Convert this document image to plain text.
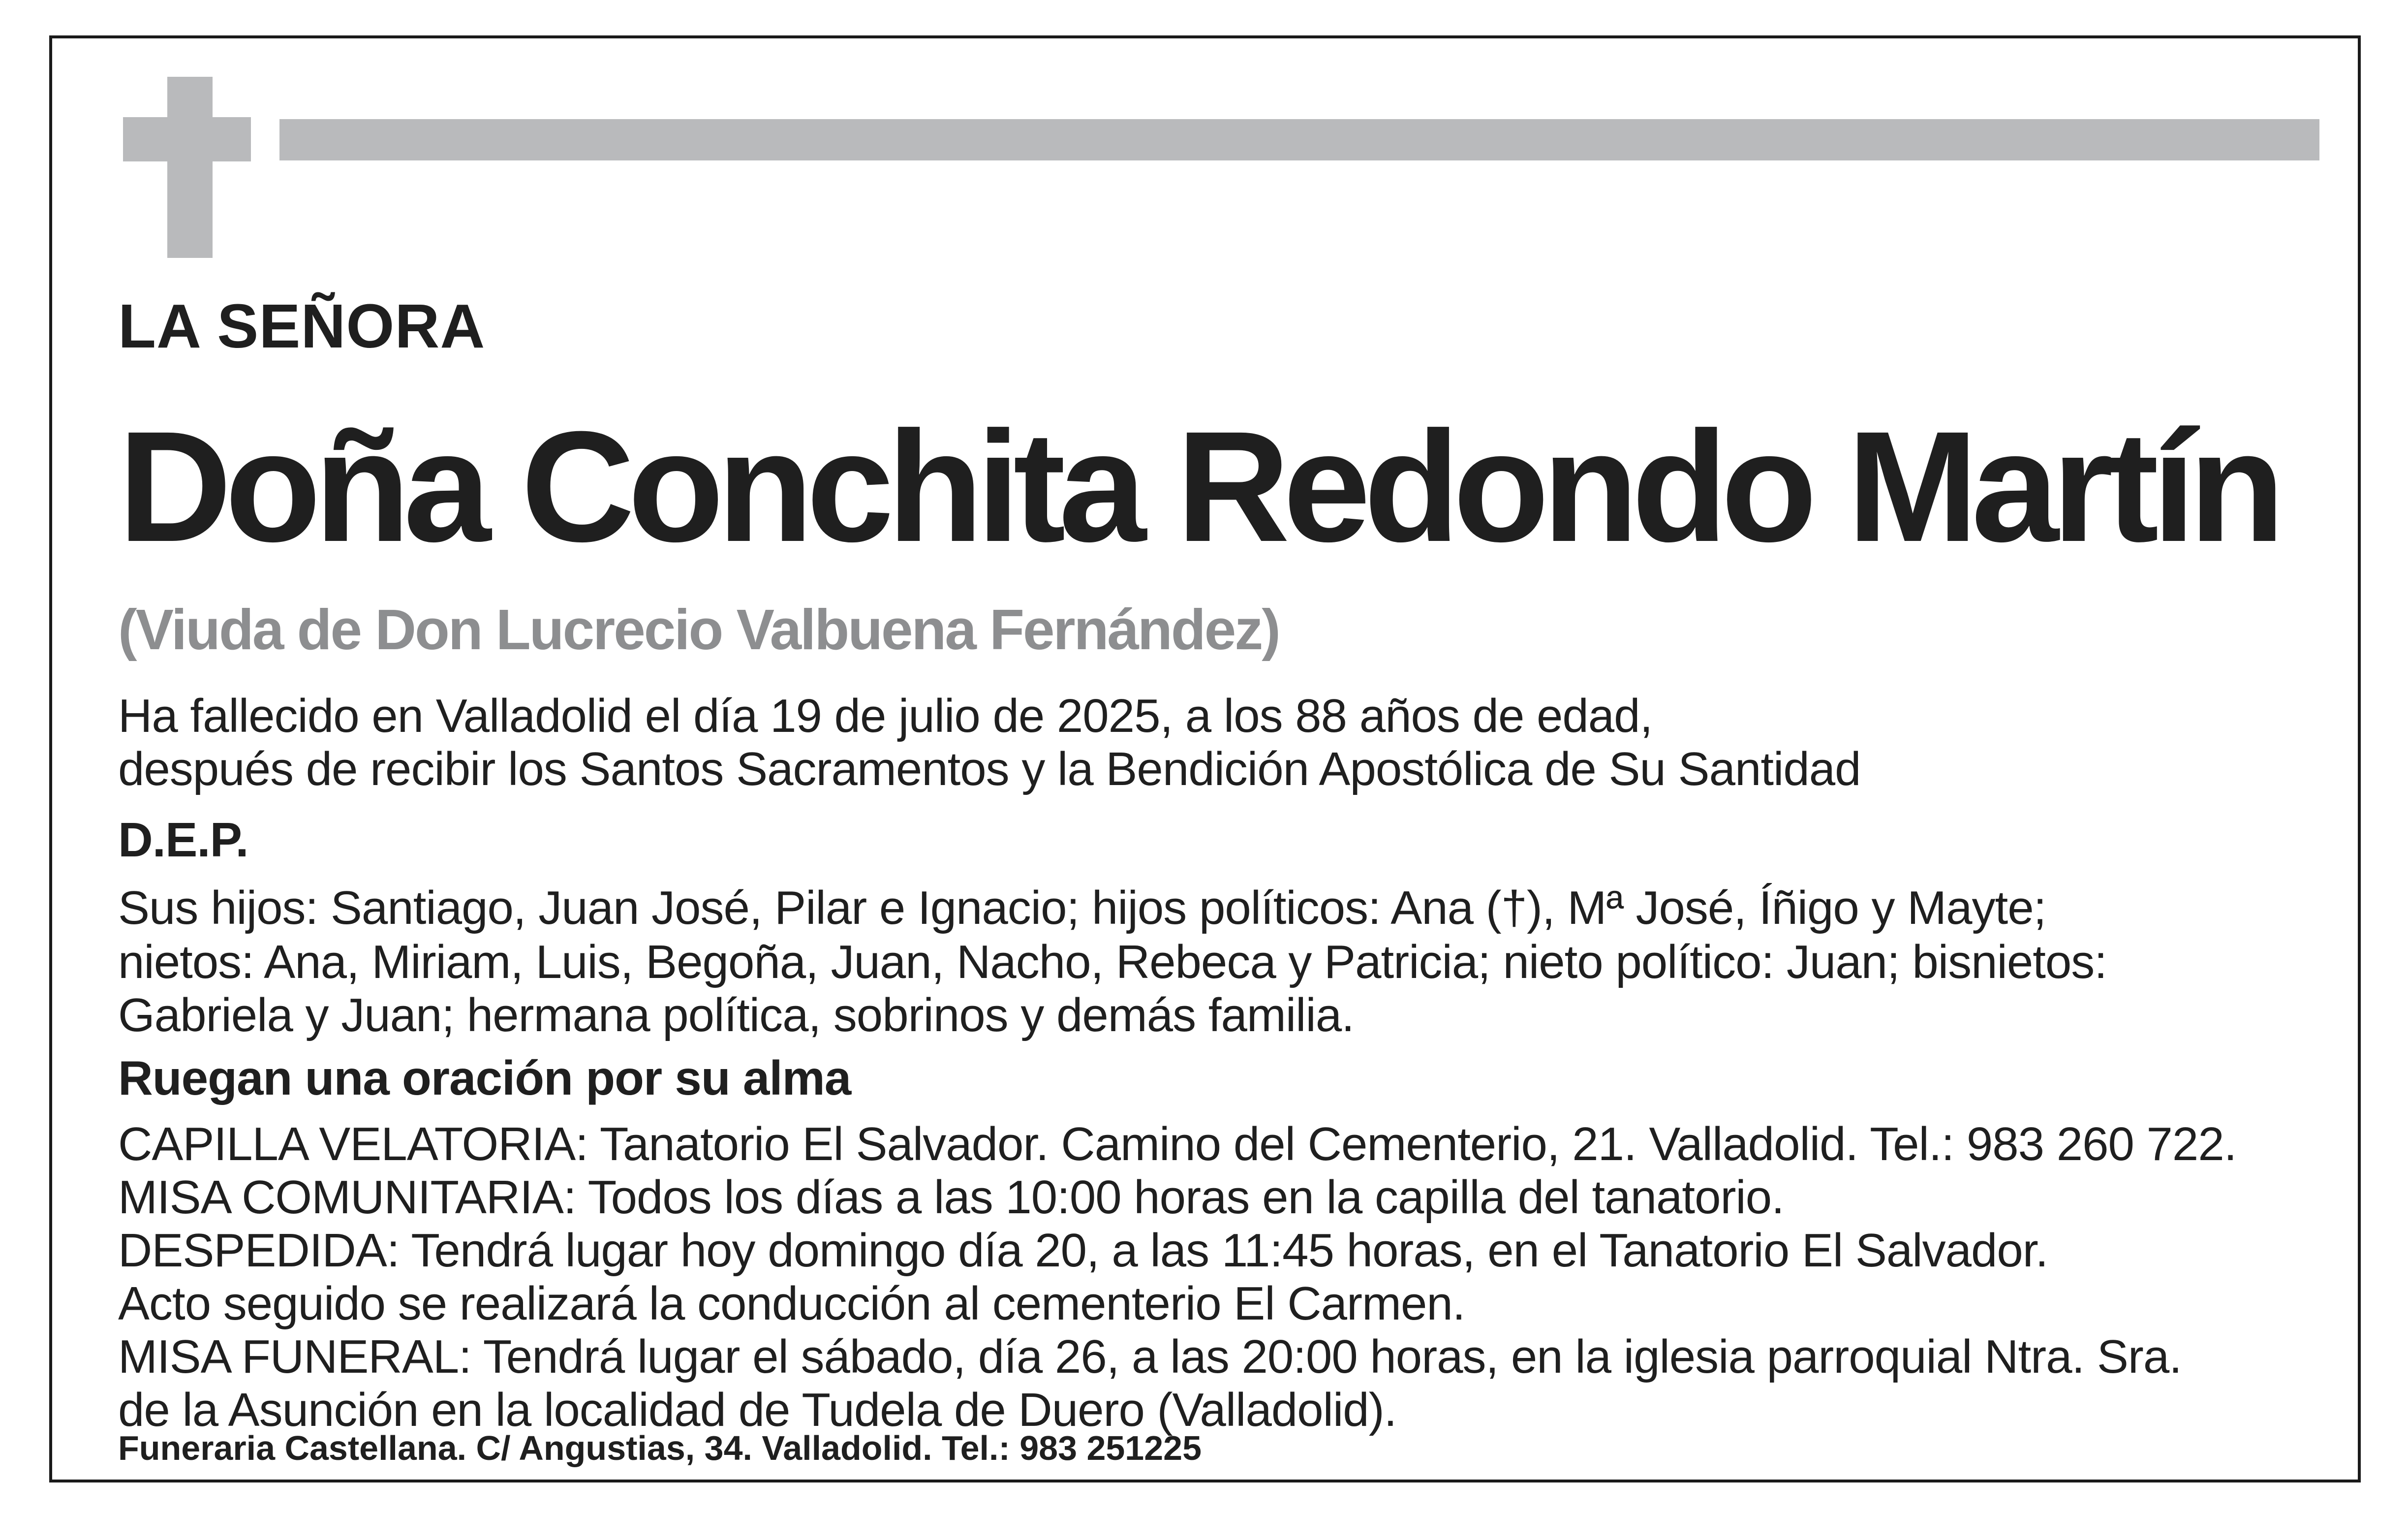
LA SEÑORA

Doña Conchita Redondo Martín

(Viuda de Don Lucrecio Valbuena Fernández)

Ha fallecido en Valladolid el día 19 de julio de 2025, a los 88 años de edad,

después de recibir los Santos Sacramentos y la Bendición Apostólica de Su Santidad

D.E.P.

Sus hijos: Santiago, Juan José, Pilar e Ignacio; hijos políticos: Ana (†), Mª José, Íñigo y Mayte;

nietos: Ana, Miriam, Luis, Begoña, Juan, Nacho, Rebeca y Patricia; nieto político: Juan; bisnietos:

Gabriela y Juan; hermana política, sobrinos y demás familia.

Ruegan una oración por su alma

CAPILLA VELATORIA: Tanatorio El Salvador. Camino del Cementerio, 21. Valladolid. Tel.: 983 260 722.

MISA COMUNITARIA: Todos los días a las 10:00 horas en la capilla del tanatorio.

DESPEDIDA: Tendrá lugar hoy domingo día 20, a las 11:45 horas, en el Tanatorio El Salvador.

Acto seguido se realizará la conducción al cementerio El Carmen.

MISA FUNERAL: Tendrá lugar el sábado, día 26, a las 20:00 horas, en la iglesia parroquial Ntra. Sra.

de la Asunción en la localidad de Tudela de Duero (Valladolid).

Funeraria Castellana. C/ Angustias, 34. Valladolid. Tel.: 983 251225
